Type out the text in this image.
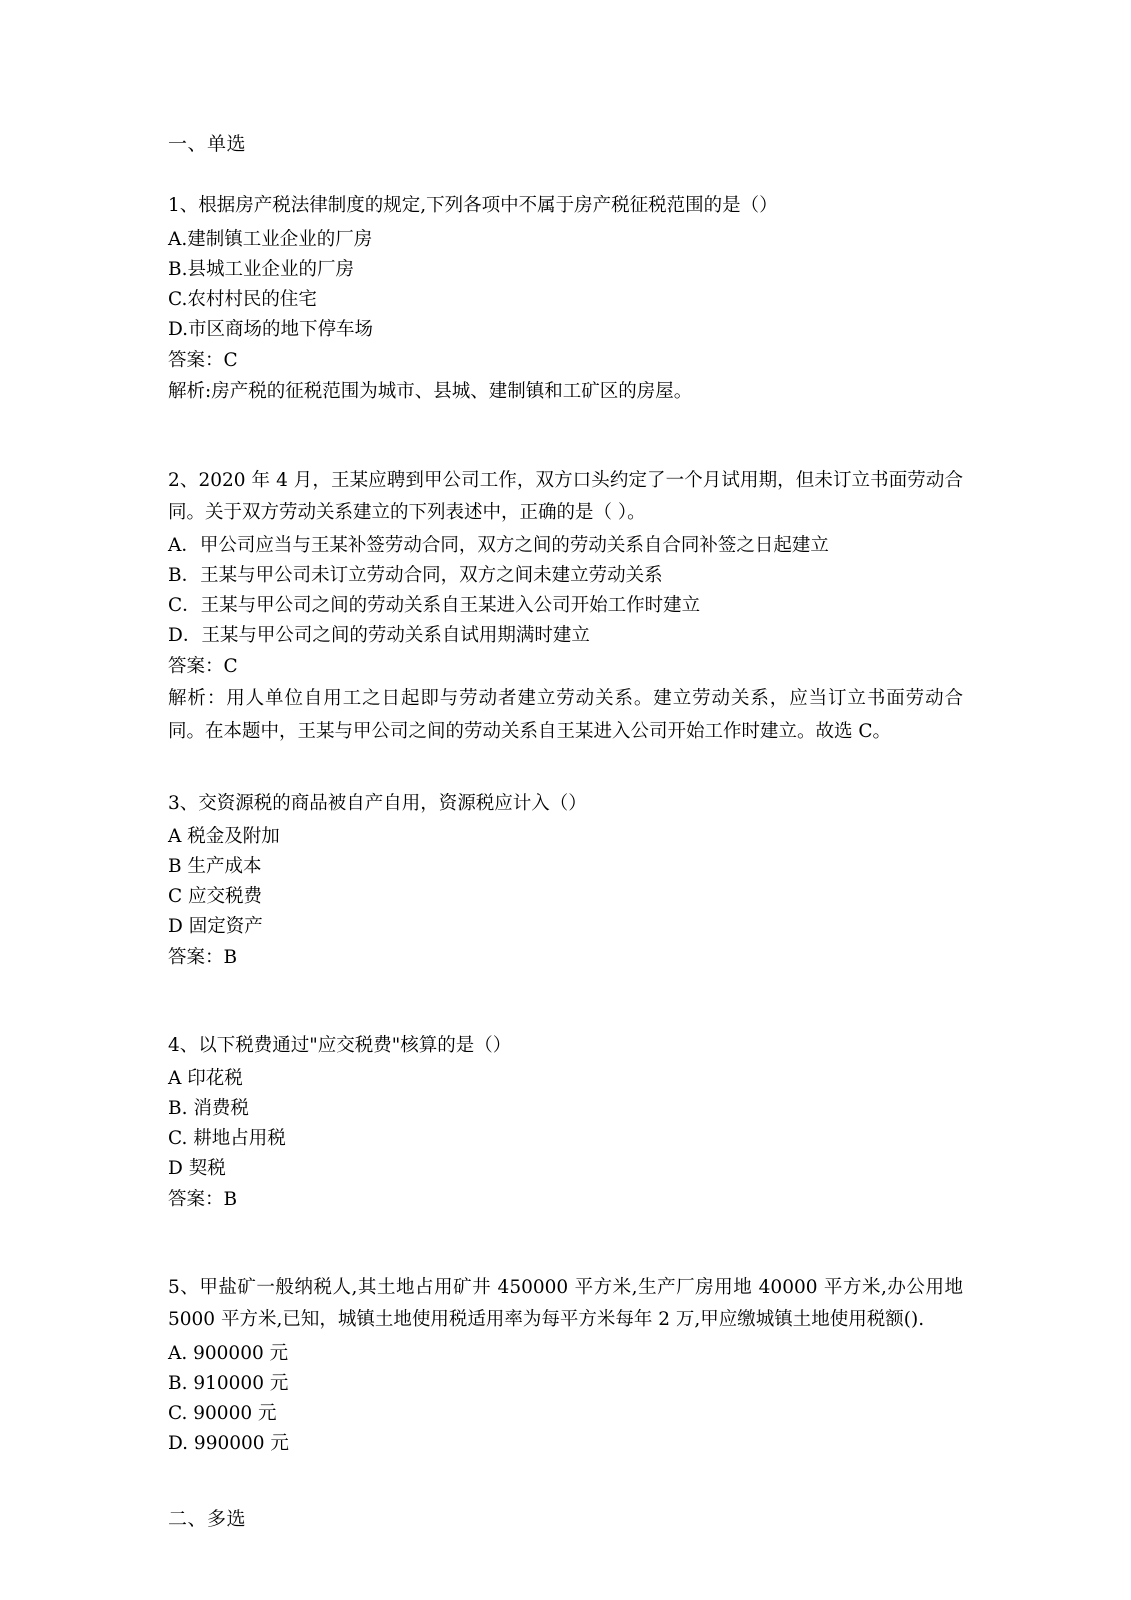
一、单选

1、根据房产税法律制度的规定,下列各项中不属于房产税征税范围的是（）

A.建制镇工业企业的厂房

B.县城工业企业的厂房

C.农村村民的住宅

D.市区商场的地下停车场

答案：C

解析:房产税的征税范围为城市、县城、建制镇和工矿区的房屋。

2、2020 年 4 月，王某应聘到甲公司工作，双方口头约定了一个月试用期，但未订立书面劳动合同。关于双方劳动关系建立的下列表述中，正确的是（ ）。

A．甲公司应当与王某补签劳动合同，双方之间的劳动关系自合同补签之日起建立

B．王某与甲公司未订立劳动合同，双方之间未建立劳动关系

C．王某与甲公司之间的劳动关系自王某进入公司开始工作时建立

D．王某与甲公司之间的劳动关系自试用期满时建立

答案：C

解析：用人单位自用工之日起即与劳动者建立劳动关系。建立劳动关系，应当订立书面劳动合同。在本题中，王某与甲公司之间的劳动关系自王某进入公司开始工作时建立。故选 C。

3、交资源税的商品被自产自用，资源税应计入（）

A 税金及附加

B 生产成本

C 应交税费

D 固定资产

答案：B

4、以下税费通过"应交税费"核算的是（）

A 印花税

B. 消费税

C. 耕地占用税

D 契税

答案：B

5、甲盐矿一般纳税人,其土地占用矿井 450000 平方米,生产厂房用地 40000 平方米,办公用地 5000 平方米,已知，城镇土地使用税适用率为每平方米每年 2 万,甲应缴城镇土地使用税额().

A. 900000 元

B. 910000 元

C. 90000 元

D. 990000 元

二、多选
